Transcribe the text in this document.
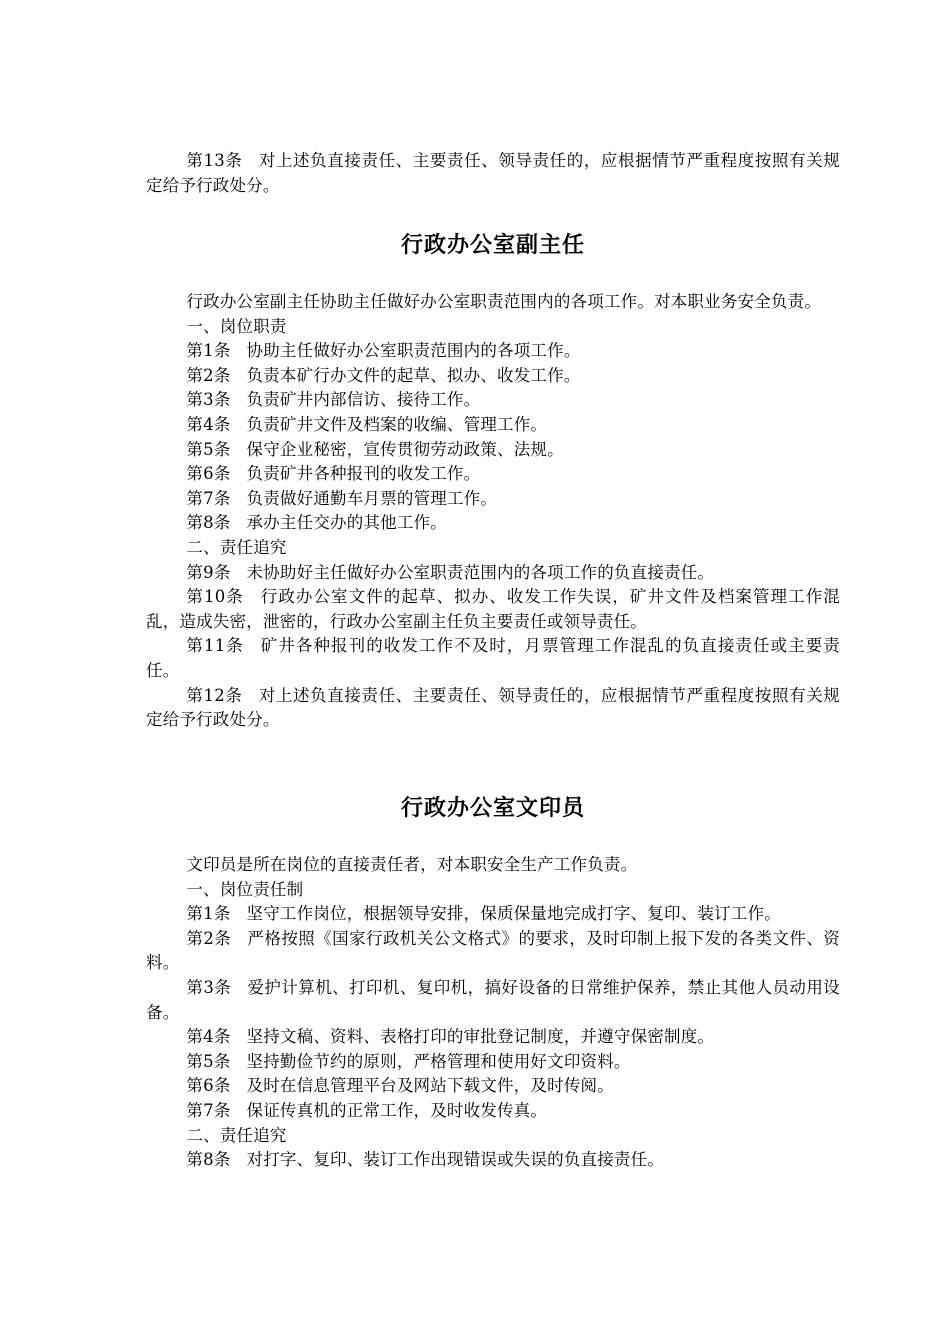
第13条 对上述负直接责任、主要责任、领导责任的，应根据情节严重程度按照有关规定给予行政处分。

行政办公室副主任

行政办公室副主任协助主任做好办公室职责范围内的各项工作。对本职业务安全负责。

一、岗位职责

第1条 协助主任做好办公室职责范围内的各项工作。

第2条 负责本矿行办文件的起草、拟办、收发工作。

第3条 负责矿井内部信访、接待工作。

第4条 负责矿井文件及档案的收编、管理工作。

第5条 保守企业秘密，宣传贯彻劳动政策、法规。

第6条 负责矿井各种报刊的收发工作。

第7条 负责做好通勤车月票的管理工作。

第8条 承办主任交办的其他工作。

二、责任追究

第9条 未协助好主任做好办公室职责范围内的各项工作的负直接责任。

第10条 行政办公室文件的起草、拟办、收发工作失误，矿井文件及档案管理工作混乱，造成失密，泄密的，行政办公室副主任负主要责任或领导责任。

第11条 矿井各种报刊的收发工作不及时，月票管理工作混乱的负直接责任或主要责任。

第12条 对上述负直接责任、主要责任、领导责任的，应根据情节严重程度按照有关规定给予行政处分。

行政办公室文印员

文印员是所在岗位的直接责任者，对本职安全生产工作负责。

一、岗位责任制

第1条 坚守工作岗位，根据领导安排，保质保量地完成打字、复印、装订工作。

第2条 严格按照《国家行政机关公文格式》的要求，及时印制上报下发的各类文件、资料。

第3条 爱护计算机、打印机、复印机，搞好设备的日常维护保养，禁止其他人员动用设备。

第4条 坚持文稿、资料、表格打印的审批登记制度，并遵守保密制度。

第5条 坚持勤俭节约的原则，严格管理和使用好文印资料。

第6条 及时在信息管理平台及网站下载文件，及时传阅。

第7条 保证传真机的正常工作，及时收发传真。

二、责任追究

第8条 对打字、复印、装订工作出现错误或失误的负直接责任。
